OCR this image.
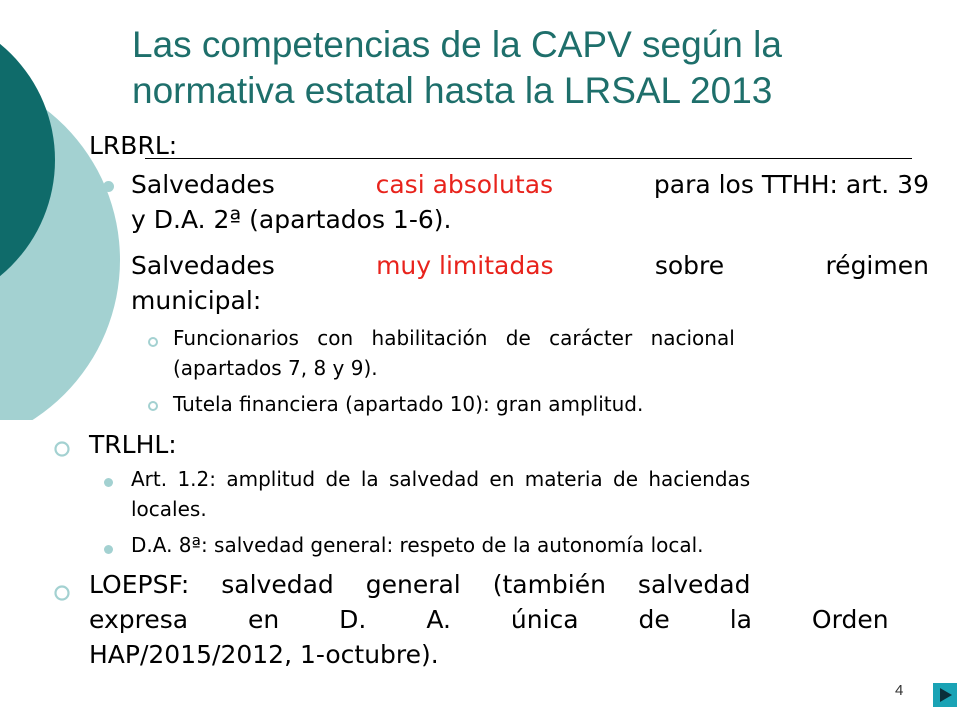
Las competencias de la CAPV según la
normativa estatal hasta la LRSAL 2013
LRBRL:
Salvedades	casi absolutas	para los TTHH: art. 39
y D.A. 2ª (apartados 1-6).
Salvedades	muy limitadas	sobre	régimen
municipal:
Funcionarios con habilitación de carácter nacional
(apartados 7, 8 y 9).
Tutela financiera (apartado 10): gran amplitud.
TRLHL:
Art. 1.2: amplitud de la salvedad en materia de haciendas
locales.
D.A. 8ª: salvedad general: respeto de la autonomía local.
LOEPSF: salvedad general (también salvedad
expresa en D. A. única de la Orden
HAP/2015/2012, 1-octubre).
4
